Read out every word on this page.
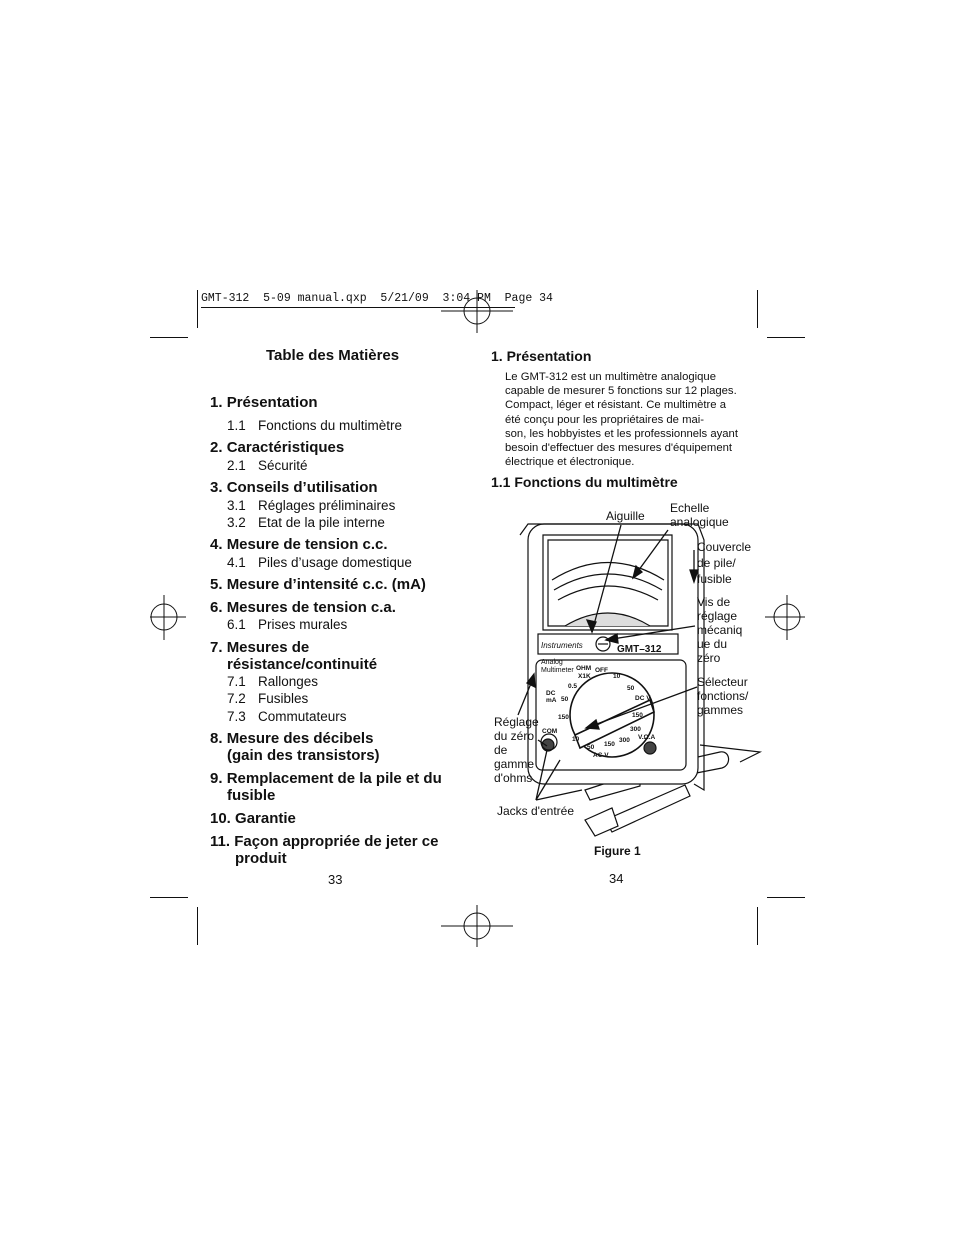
GMT-312  5-09 manual.qxp  5/21/09  3:04 PM  Page 34
Table des Matières
1. Présentation
1.1 Fonctions du multimètre
2. Caractéristiques
2.1 Sécurité
3. Conseils d’utilisation
3.1 Réglages préliminaires
3.2 Etat de la pile interne
4. Mesure de tension c.c.
4.1 Piles d’usage domestique
5. Mesure d’intensité c.c. (mA)
6. Mesures de tension c.a.
6.1 Prises murales
7. Mesures de
résistance/continuité
7.1 Rallonges
7.2 Fusibles
7.3 Commutateurs
8. Mesure des décibels
(gain des transistors)
9. Remplacement de la pile et du
fusible
10. Garantie
11. Façon appropriée de jeter ce
produit
33
1. Présentation
Le GMT-312 est un multimètre analogique
capable de mesurer 5 fonctions sur 12 plages.
Compact, léger et résistant. Ce multimètre a
été conçu pour les propriétaires de mai-
son, les hobbyistes et les professionnels ayant
besoin d'effectuer des mesures d'équipement
électrique et électronique.
1.1 Fonctions du multimètre
Instruments	GMT–312
Analog
Multimeter OHM
X1K
OFF
10
50
DC V
150
300
0.5
DC
mA 50
150
COM
10
50 150
300
AC V
V.Ω.A
Aiguille
Echelle
analogique
Couvercle
de pile/
fusible
Vis de
réglage
mécaniq
ue du
zéro
Sélecteur
fonctions/
gammes
Réglage
du zéro
de
gamme
d'ohms
Jacks d'entrée
Figure 1
34
